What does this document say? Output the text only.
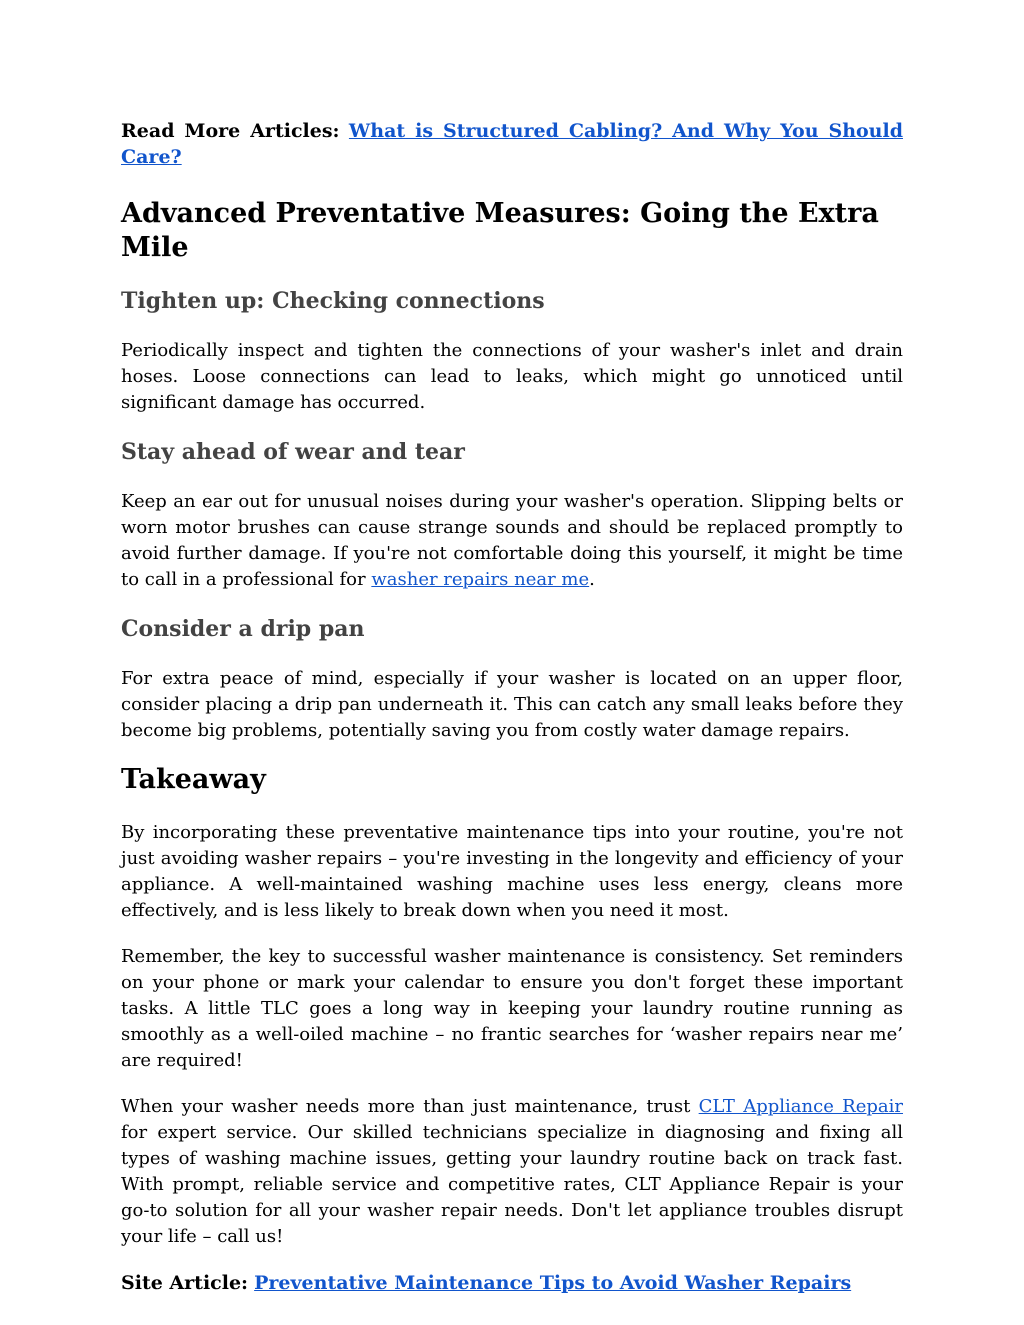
Read More Articles: What is Structured Cabling? And Why You Should Care?

Advanced Preventative Measures: Going the Extra Mile
Tighten up: Checking connections

Periodically inspect and tighten the connections of your washer's inlet and drain hoses. Loose connections can lead to leaks, which might go unnoticed until significant damage has occurred.

Stay ahead of wear and tear

Keep an ear out for unusual noises during your washer's operation. Slipping belts or worn motor brushes can cause strange sounds and should be replaced promptly to avoid further damage. If you're not comfortable doing this yourself, it might be time to call in a professional for washer repairs near me.

Consider a drip pan

For extra peace of mind, especially if your washer is located on an upper floor, consider placing a drip pan underneath it. This can catch any small leaks before they become big problems, potentially saving you from costly water damage repairs.

Takeaway

By incorporating these preventative maintenance tips into your routine, you're not just avoiding washer repairs – you're investing in the longevity and efficiency of your appliance. A well-maintained washing machine uses less energy, cleans more effectively, and is less likely to break down when you need it most.

Remember, the key to successful washer maintenance is consistency. Set reminders on your phone or mark your calendar to ensure you don't forget these important tasks. A little TLC goes a long way in keeping your laundry routine running as smoothly as a well-oiled machine – no frantic searches for ‘washer repairs near me’ are required!

When your washer needs more than just maintenance, trust CLT Appliance Repair for expert service. Our skilled technicians specialize in diagnosing and fixing all types of washing machine issues, getting your laundry routine back on track fast. With prompt, reliable service and competitive rates, CLT Appliance Repair is your go-to solution for all your washer repair needs. Don't let appliance troubles disrupt your life – call us!

Site Article: Preventative Maintenance Tips to Avoid Washer Repairs
